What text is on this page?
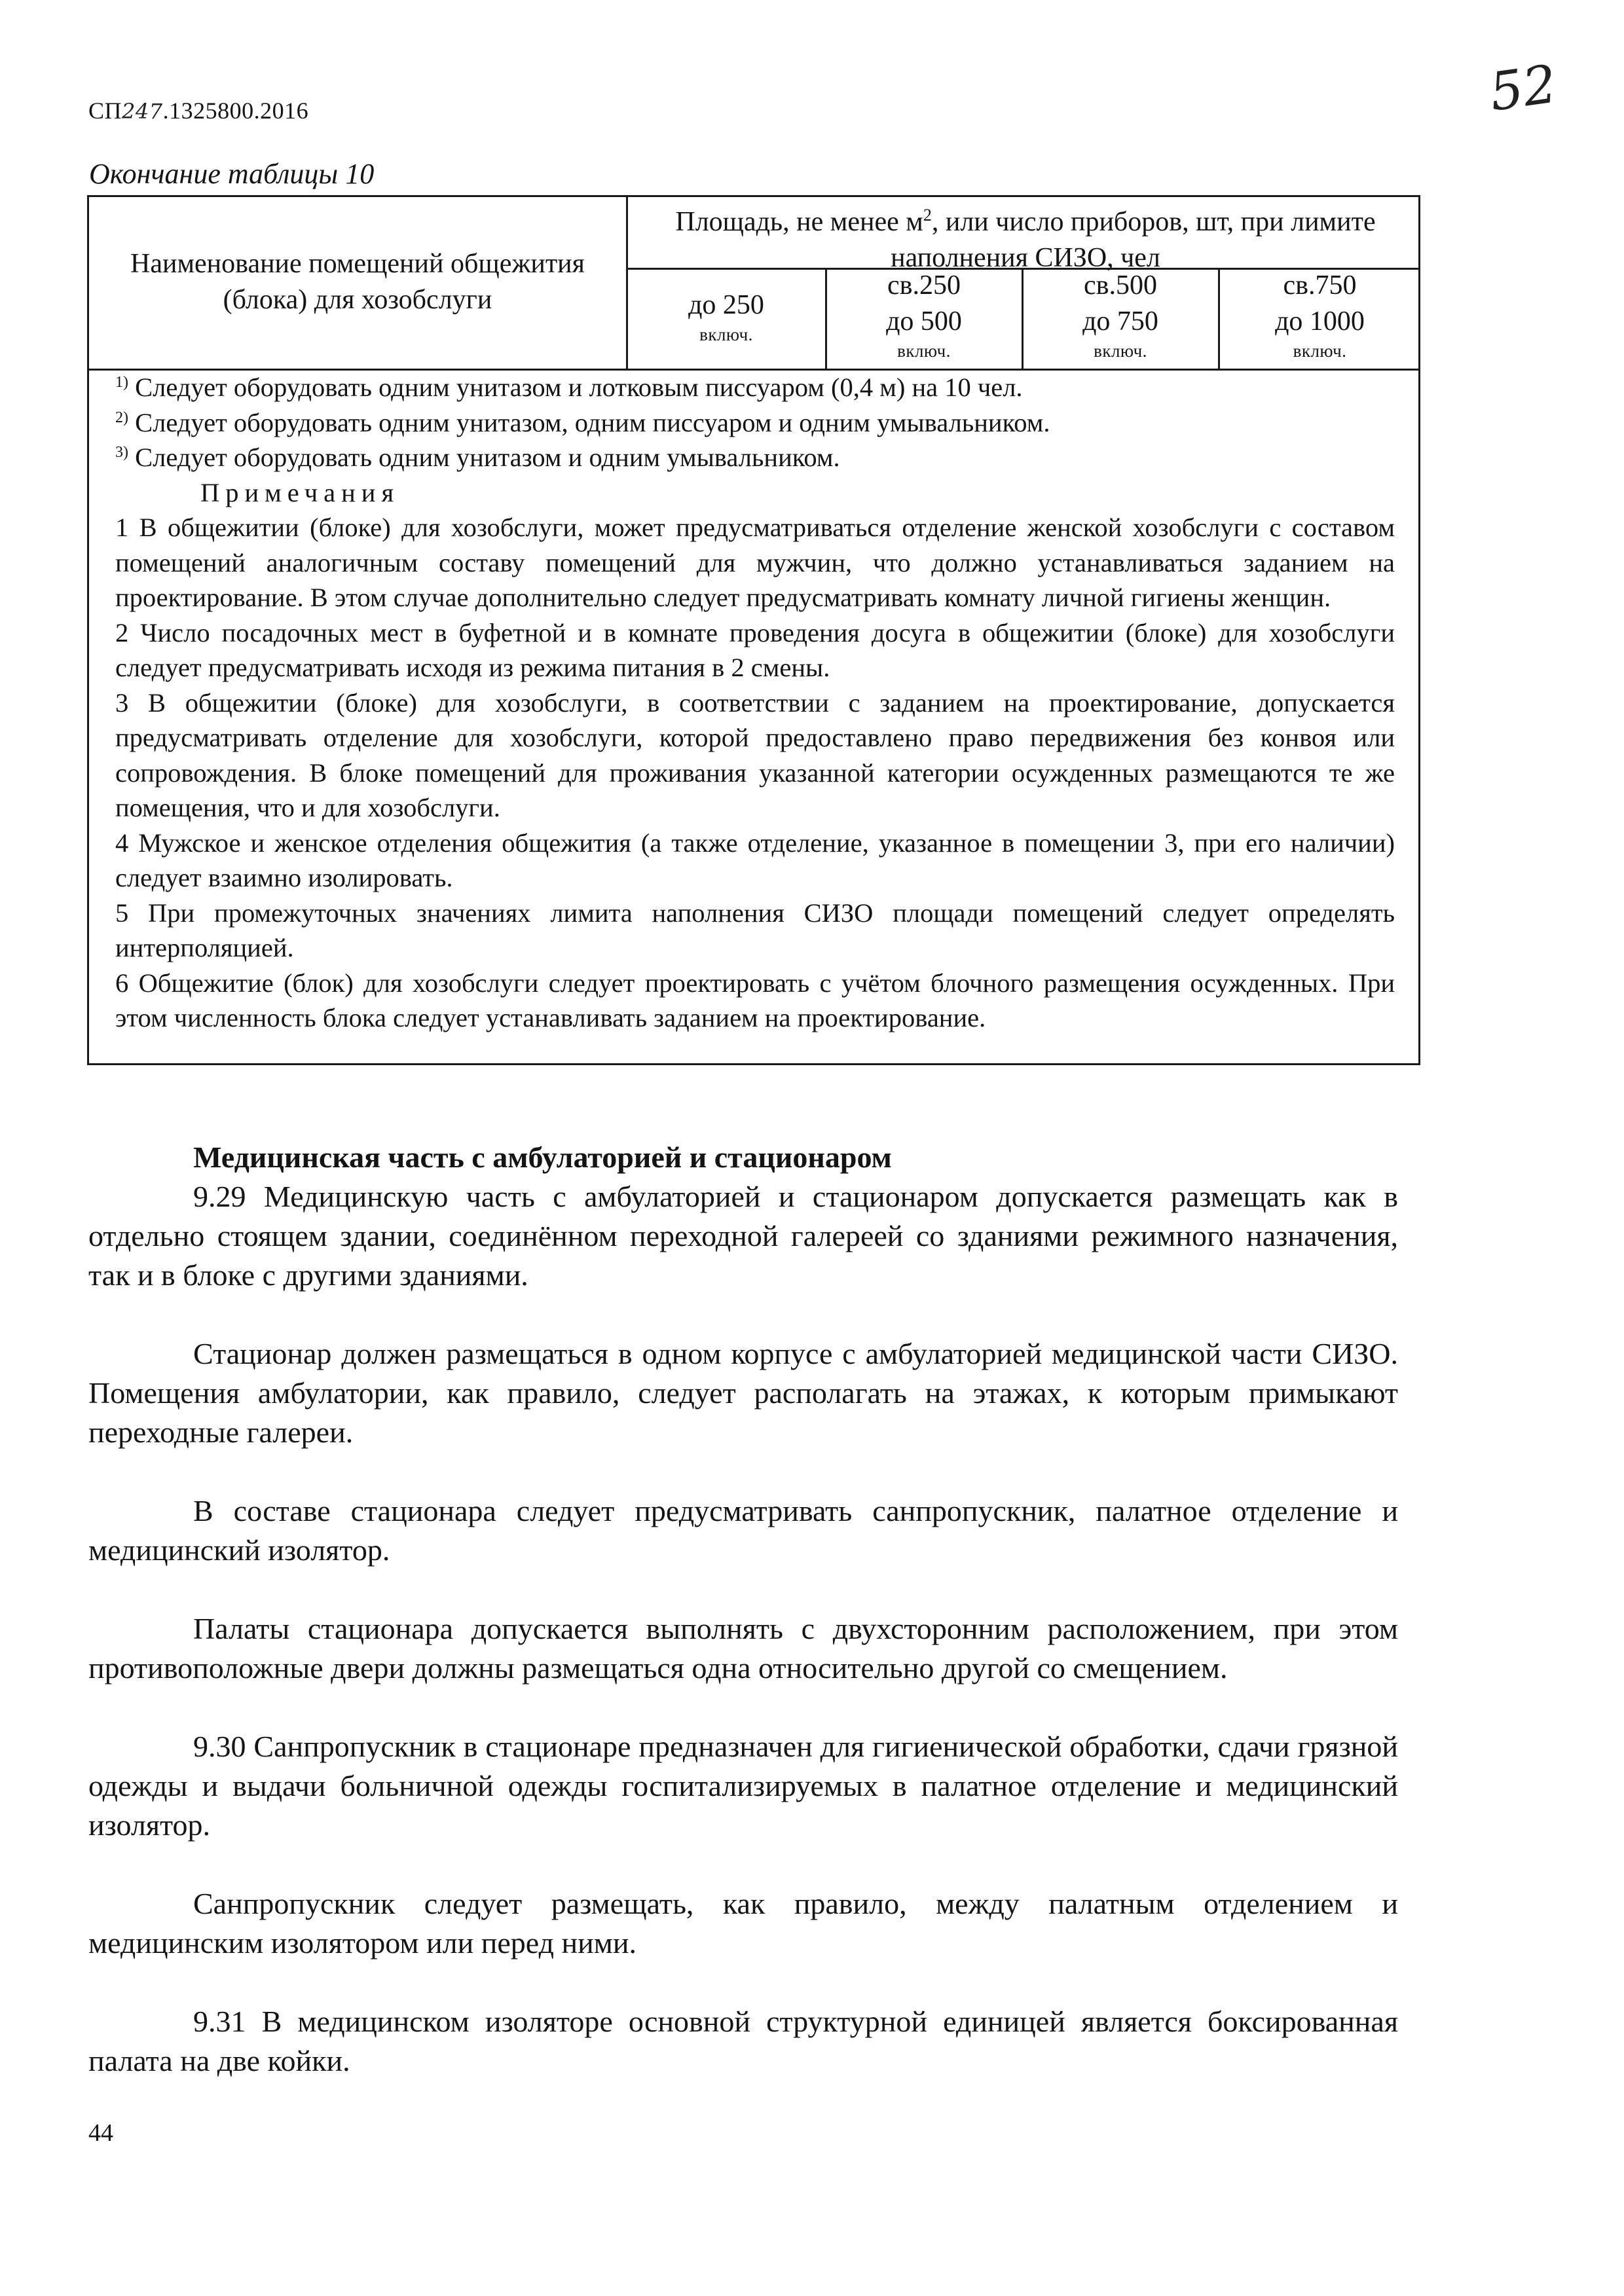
СП247.1325800.2016	52
Окончание таблицы 10
Наименование помещений общежития (блока) для хозобслуги
Площадь, не менее $м^2$, или число приборов, шт, при лимите наполнения СИЗО, чел
до 250
включ.
св.250
до 500
включ.
св.500
до 750
включ.
св.750
до 1000
включ.

$^{1)}$ Следует оборудовать одним унитазом и лотковым писсуаром (0,4 м) на 10 чел.

$^{2)}$ Следует оборудовать одним унитазом, одним писсуаром и одним умывальником.

$^{3)}$ Следует оборудовать одним унитазом и одним умывальником.

Примечания

1 В общежитии (блоке) для хозобслуги, может предусматриваться отделение женской хозобслуги с составом помещений аналогичным составу помещений для мужчин, что должно устанавливаться заданием на проектирование. В этом случае дополнительно следует предусматривать комнату личной гигиены женщин.

2 Число посадочных мест в буфетной и в комнате проведения досуга в общежитии (блоке) для хозобслуги следует предусматривать исходя из режима питания в 2 смены.

3 В общежитии (блоке) для хозобслуги, в соответствии с заданием на проектирование, допускается предусматривать отделение для хозобслуги, которой предоставлено право передвижения без конвоя или сопровождения. В блоке помещений для проживания указанной категории осужденных размещаются те же помещения, что и для хозобслуги.

4 Мужское и женское отделения общежития (а также отделение, указанное в помещении 3, при его наличии) следует взаимно изолировать.

5 При промежуточных значениях лимита наполнения СИЗО площади помещений следует определять интерполяцией.

6 Общежитие (блок) для хозобслуги следует проектировать с учётом блочного размещения осужденных. При этом численность блока следует устанавливать заданием на проектирование.

Медицинская часть с амбулаторией и стационаром

9.29 Медицинскую часть с амбулаторией и стационаром допускается размещать как в отдельно стоящем здании, соединённом переходной галереей со зданиями режимного назначения, так и в блоке с другими зданиями.

Стационар должен размещаться в одном корпусе с амбулаторией медицинской части СИЗО. Помещения амбулатории, как правило, следует располагать на этажах, к которым примыкают переходные галереи.

В составе стационара следует предусматривать санпропускник, палатное отделение и медицинский изолятор.

Палаты стационара допускается выполнять с двухсторонним расположением, при этом противоположные двери должны размещаться одна относительно другой со смещением.

9.30 Санпропускник в стационаре предназначен для гигиенической обработки, сдачи грязной одежды и выдачи больничной одежды госпитализируемых в палатное отделение и медицинский изолятор.

Санпропускник следует размещать, как правило, между палатным отделением и медицинским изолятором или перед ними.

9.31 В медицинском изоляторе основной структурной единицей является боксированная палата на две койки.

44
